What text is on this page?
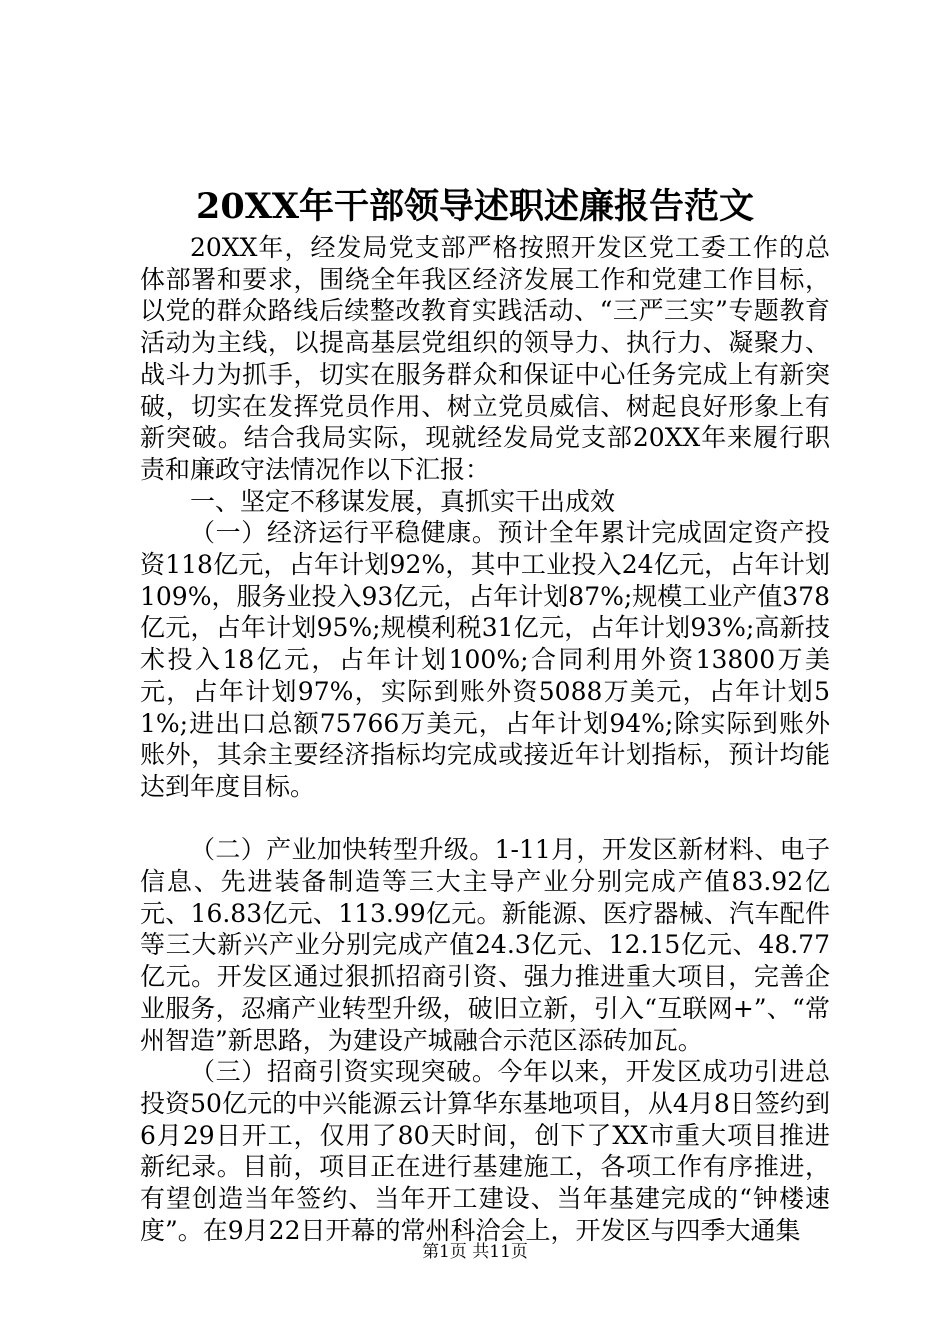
20XX年干部领导述职述廉报告范文

20XX年，经发局党支部严格按照开发区党工委工作的总体部署和要求，围绕全年我区经济发展工作和党建工作目标，以党的群众路线后续整改教育实践活动、“三严三实”专题教育活动为主线，以提高基层党组织的领导力、执行力、凝聚力、战斗力为抓手，切实在服务群众和保证中心任务完成上有新突破，切实在发挥党员作用、树立党员威信、树起良好形象上有新突破。结合我局实际，现就经发局党支部20XX年来履行职责和廉政守法情况作以下汇报：

一、坚定不移谋发展，真抓实干出成效

（一）经济运行平稳健康。预计全年累计完成固定资产投资118亿元，占年计划92%，其中工业投入24亿元，占年计划109%，服务业投入93亿元，占年计划87%;规模工业产值378亿元，占年计划95%;规模利税31亿元，占年计划93%;高新技术投入18亿元，占年计划100%;合同利用外资13800万美元，占年计划97%，实际到账外资5088万美元，占年计划51%;进出口总额75766万美元，占年计划94%;除实际到账外账外，其余主要经济指标均完成或接近年计划指标，预计均能达到年度目标。

（二）产业加快转型升级。1-11月，开发区新材料、电子信息、先进装备制造等三大主导产业分别完成产值83.92亿元、16.83亿元、113.99亿元。新能源、医疗器械、汽车配件等三大新兴产业分别完成产值24.3亿元、12.15亿元、48.77亿元。开发区通过狠抓招商引资、强力推进重大项目，完善企业服务，忍痛产业转型升级，破旧立新，引入“互联网+”、“常州智造”新思路，为建设产城融合示范区添砖加瓦。

（三）招商引资实现突破。今年以来，开发区成功引进总投资50亿元的中兴能源云计算华东基地项目，从4月8日签约到6月29日开工，仅用了80天时间，创下了XX市重大项目推进新纪录。目前，项目正在进行基建施工，各项工作有序推进，有望创造当年签约、当年开工建设、当年基建完成的“钟楼速度”。在9月22日开幕的常州科洽会上，开发区与四季大通集

第1页 共11页
